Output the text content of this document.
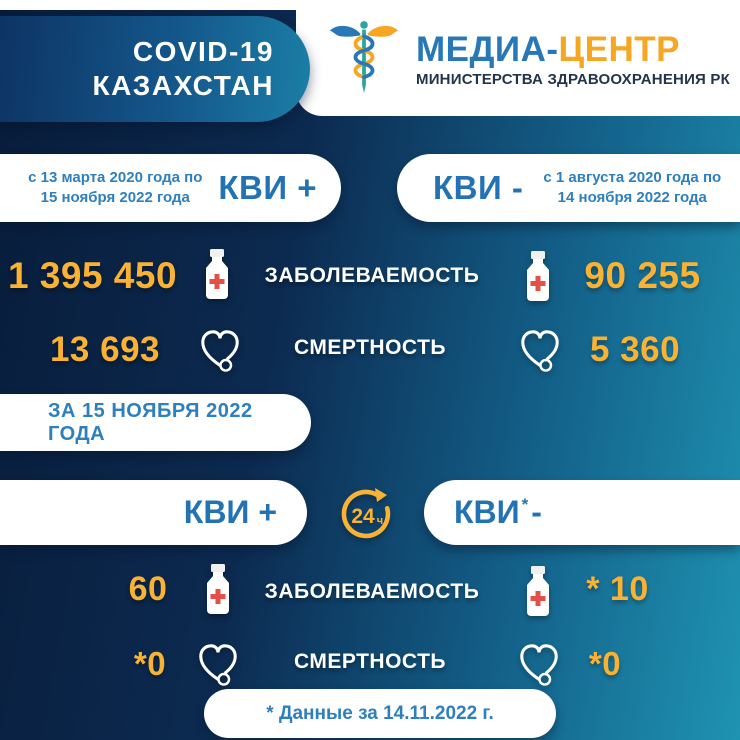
МЕДИА-ЦЕНТР
МИНИСТЕРСТВА ЗДРАВООХРАНЕНИЯ РК
COVID-19
КАЗАХСТАН
с 13 марта 2020 года по
15 ноября 2022 года КВИ +	КВИ - с 1 августа 2020 года по
14 ноября 2022 года
1 395 450	ЗАБОЛЕВАЕМОСТЬ	90 255
13 693	СМЕРТНОСТЬ	5 360
ЗА 15 НОЯБРЯ 2022 ГОДА
КВИ +	24 ч КВИ *-
60	ЗАБОЛЕВАЕМОСТЬ	* 10
*0	СМЕРТНОСТЬ	*0
* Данные за 14.11.2022 г.
